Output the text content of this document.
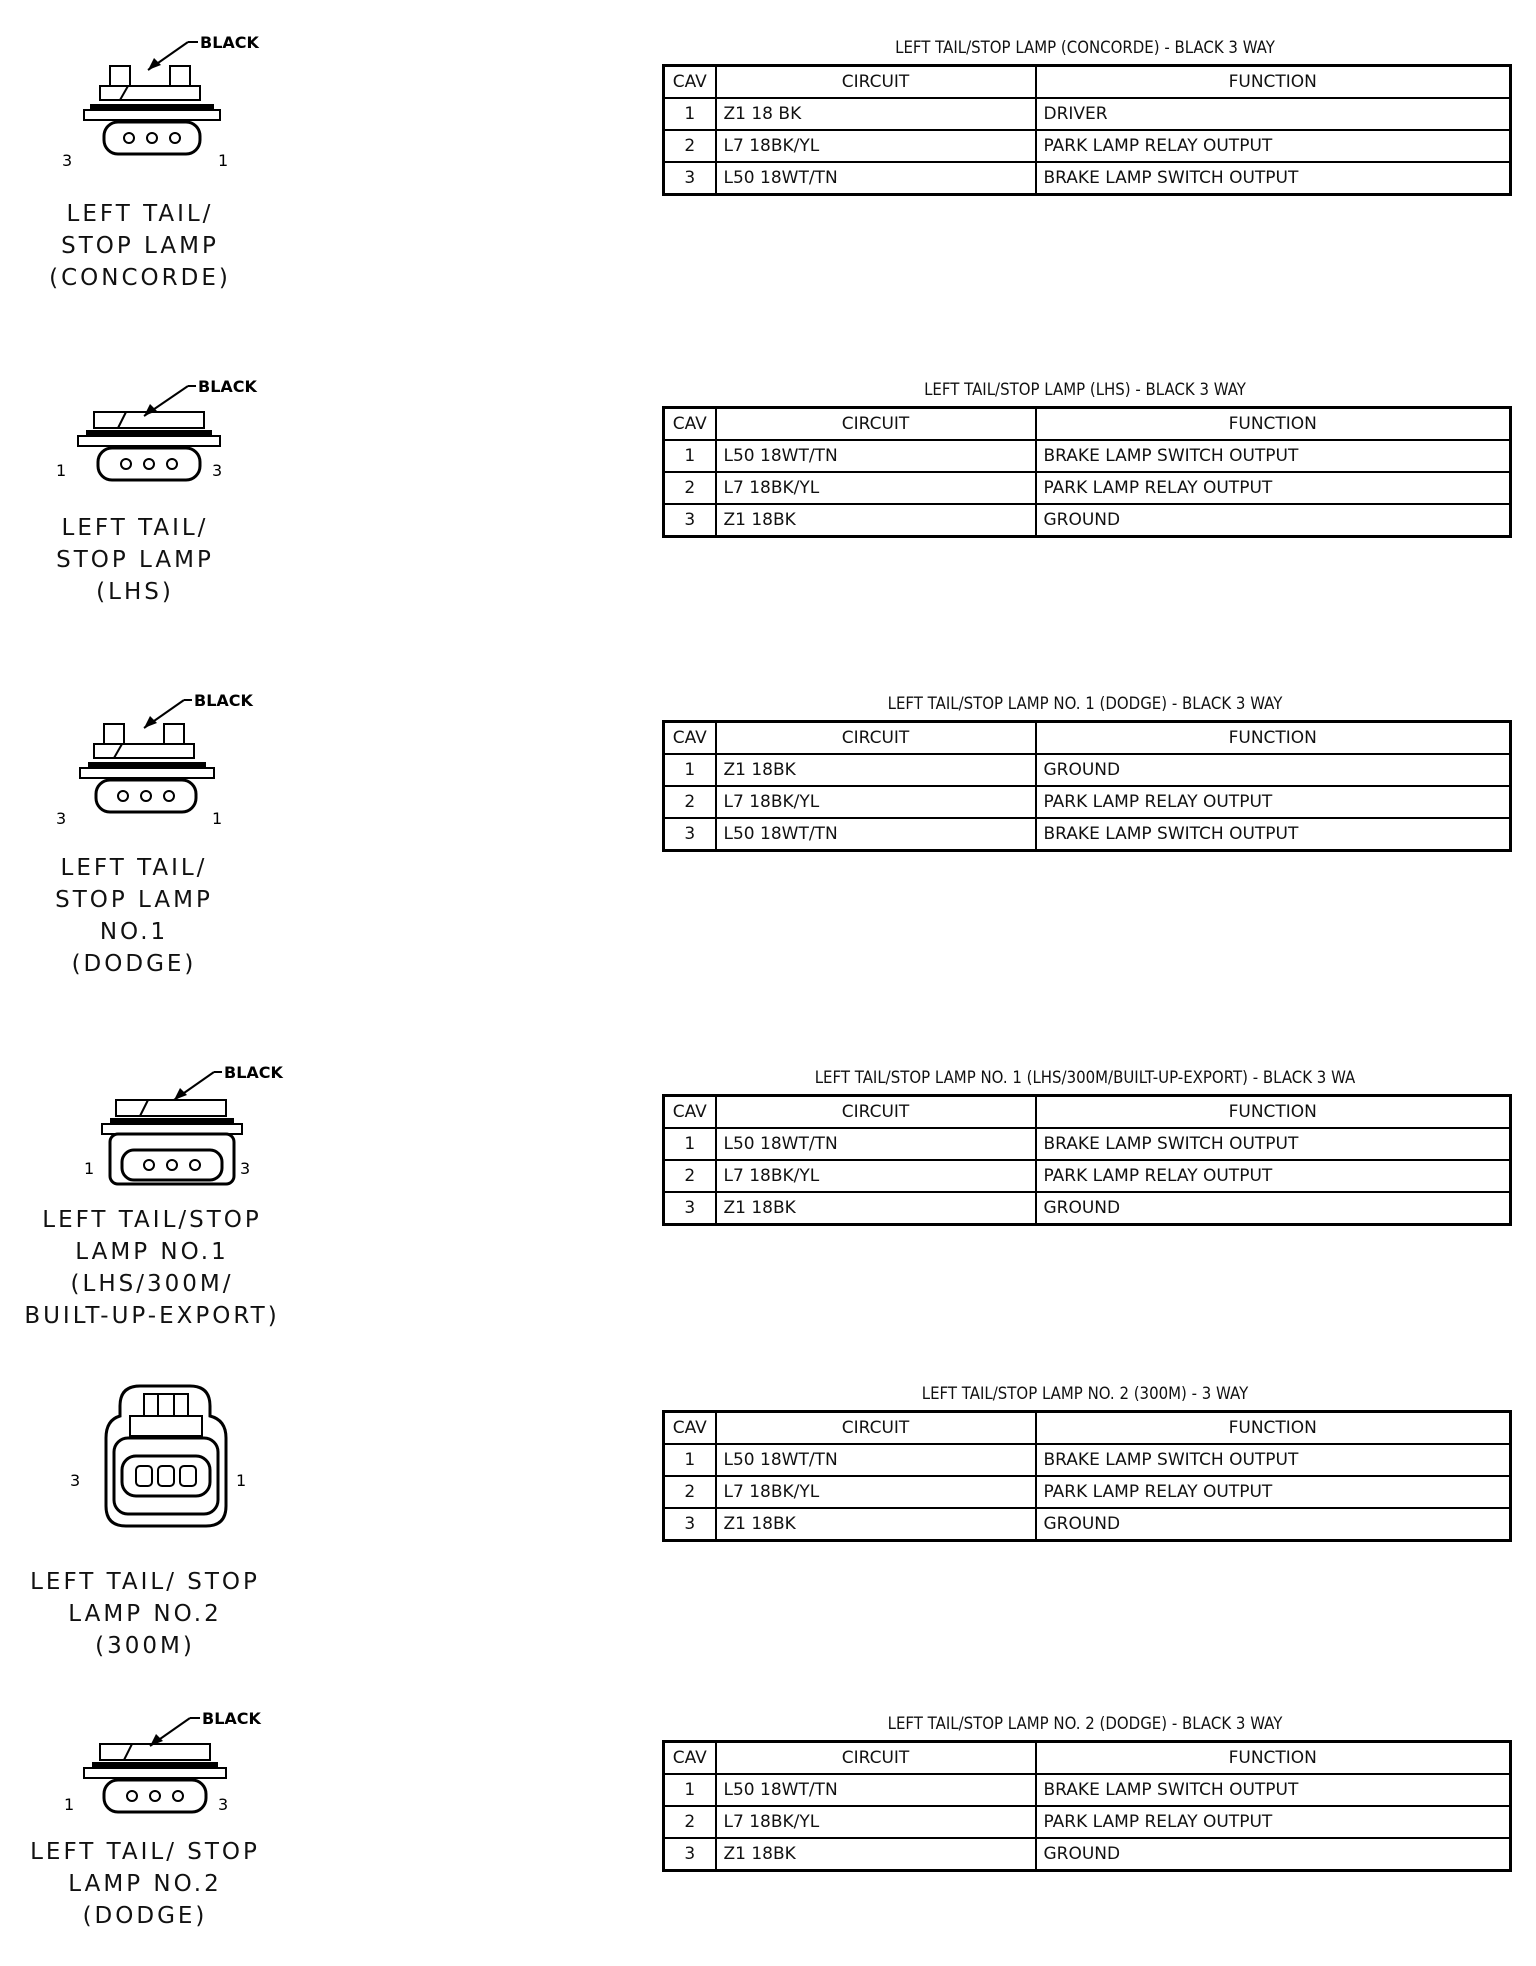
BLACK
3	1
LEFT TAIL/
STOP LAMP
(CONCORDE)
LEFT TAIL/STOP LAMP (CONCORDE) - BLACK 3 WAY
CAV	CIRCUIT	FUNCTION
1	Z1 18 BK	DRIVER
2	L7 18BK/YL	PARK LAMP RELAY OUTPUT
3	L50 18WT/TN	BRAKE LAMP SWITCH OUTPUT
BLACK
1	3
LEFT TAIL/
STOP LAMP
(LHS)
LEFT TAIL/STOP LAMP (LHS) - BLACK 3 WAY
CAV	CIRCUIT	FUNCTION
1	L50 18WT/TN	BRAKE LAMP SWITCH OUTPUT
2	L7 18BK/YL	PARK LAMP RELAY OUTPUT
3	Z1 18BK	GROUND
BLACK
3	1
LEFT TAIL/
STOP LAMP
NO.1
(DODGE)
LEFT TAIL/STOP LAMP NO. 1 (DODGE) - BLACK 3 WAY
CAV	CIRCUIT	FUNCTION
1	Z1 18BK	GROUND
2	L7 18BK/YL	PARK LAMP RELAY OUTPUT
3	L50 18WT/TN	BRAKE LAMP SWITCH OUTPUT
BLACK
1	3
LEFT TAIL/STOP
LAMP NO.1
(LHS/300M/
BUILT-UP-EXPORT)
LEFT TAIL/STOP LAMP NO. 1 (LHS/300M/BUILT-UP-EXPORT) - BLACK 3 WA
CAV	CIRCUIT	FUNCTION
1	L50 18WT/TN	BRAKE LAMP SWITCH OUTPUT
2	L7 18BK/YL	PARK LAMP RELAY OUTPUT
3	Z1 18BK	GROUND
3	1
LEFT TAIL/ STOP
LAMP NO.2
(300M)
LEFT TAIL/STOP LAMP NO. 2 (300M) - 3 WAY
CAV	CIRCUIT	FUNCTION
1	L50 18WT/TN	BRAKE LAMP SWITCH OUTPUT
2	L7 18BK/YL	PARK LAMP RELAY OUTPUT
3	Z1 18BK	GROUND
BLACK
1	3
LEFT TAIL/ STOP
LAMP NO.2
(DODGE)
LEFT TAIL/STOP LAMP NO. 2 (DODGE) - BLACK 3 WAY
CAV	CIRCUIT	FUNCTION
1	L50 18WT/TN	BRAKE LAMP SWITCH OUTPUT
2	L7 18BK/YL	PARK LAMP RELAY OUTPUT
3	Z1 18BK	GROUND
